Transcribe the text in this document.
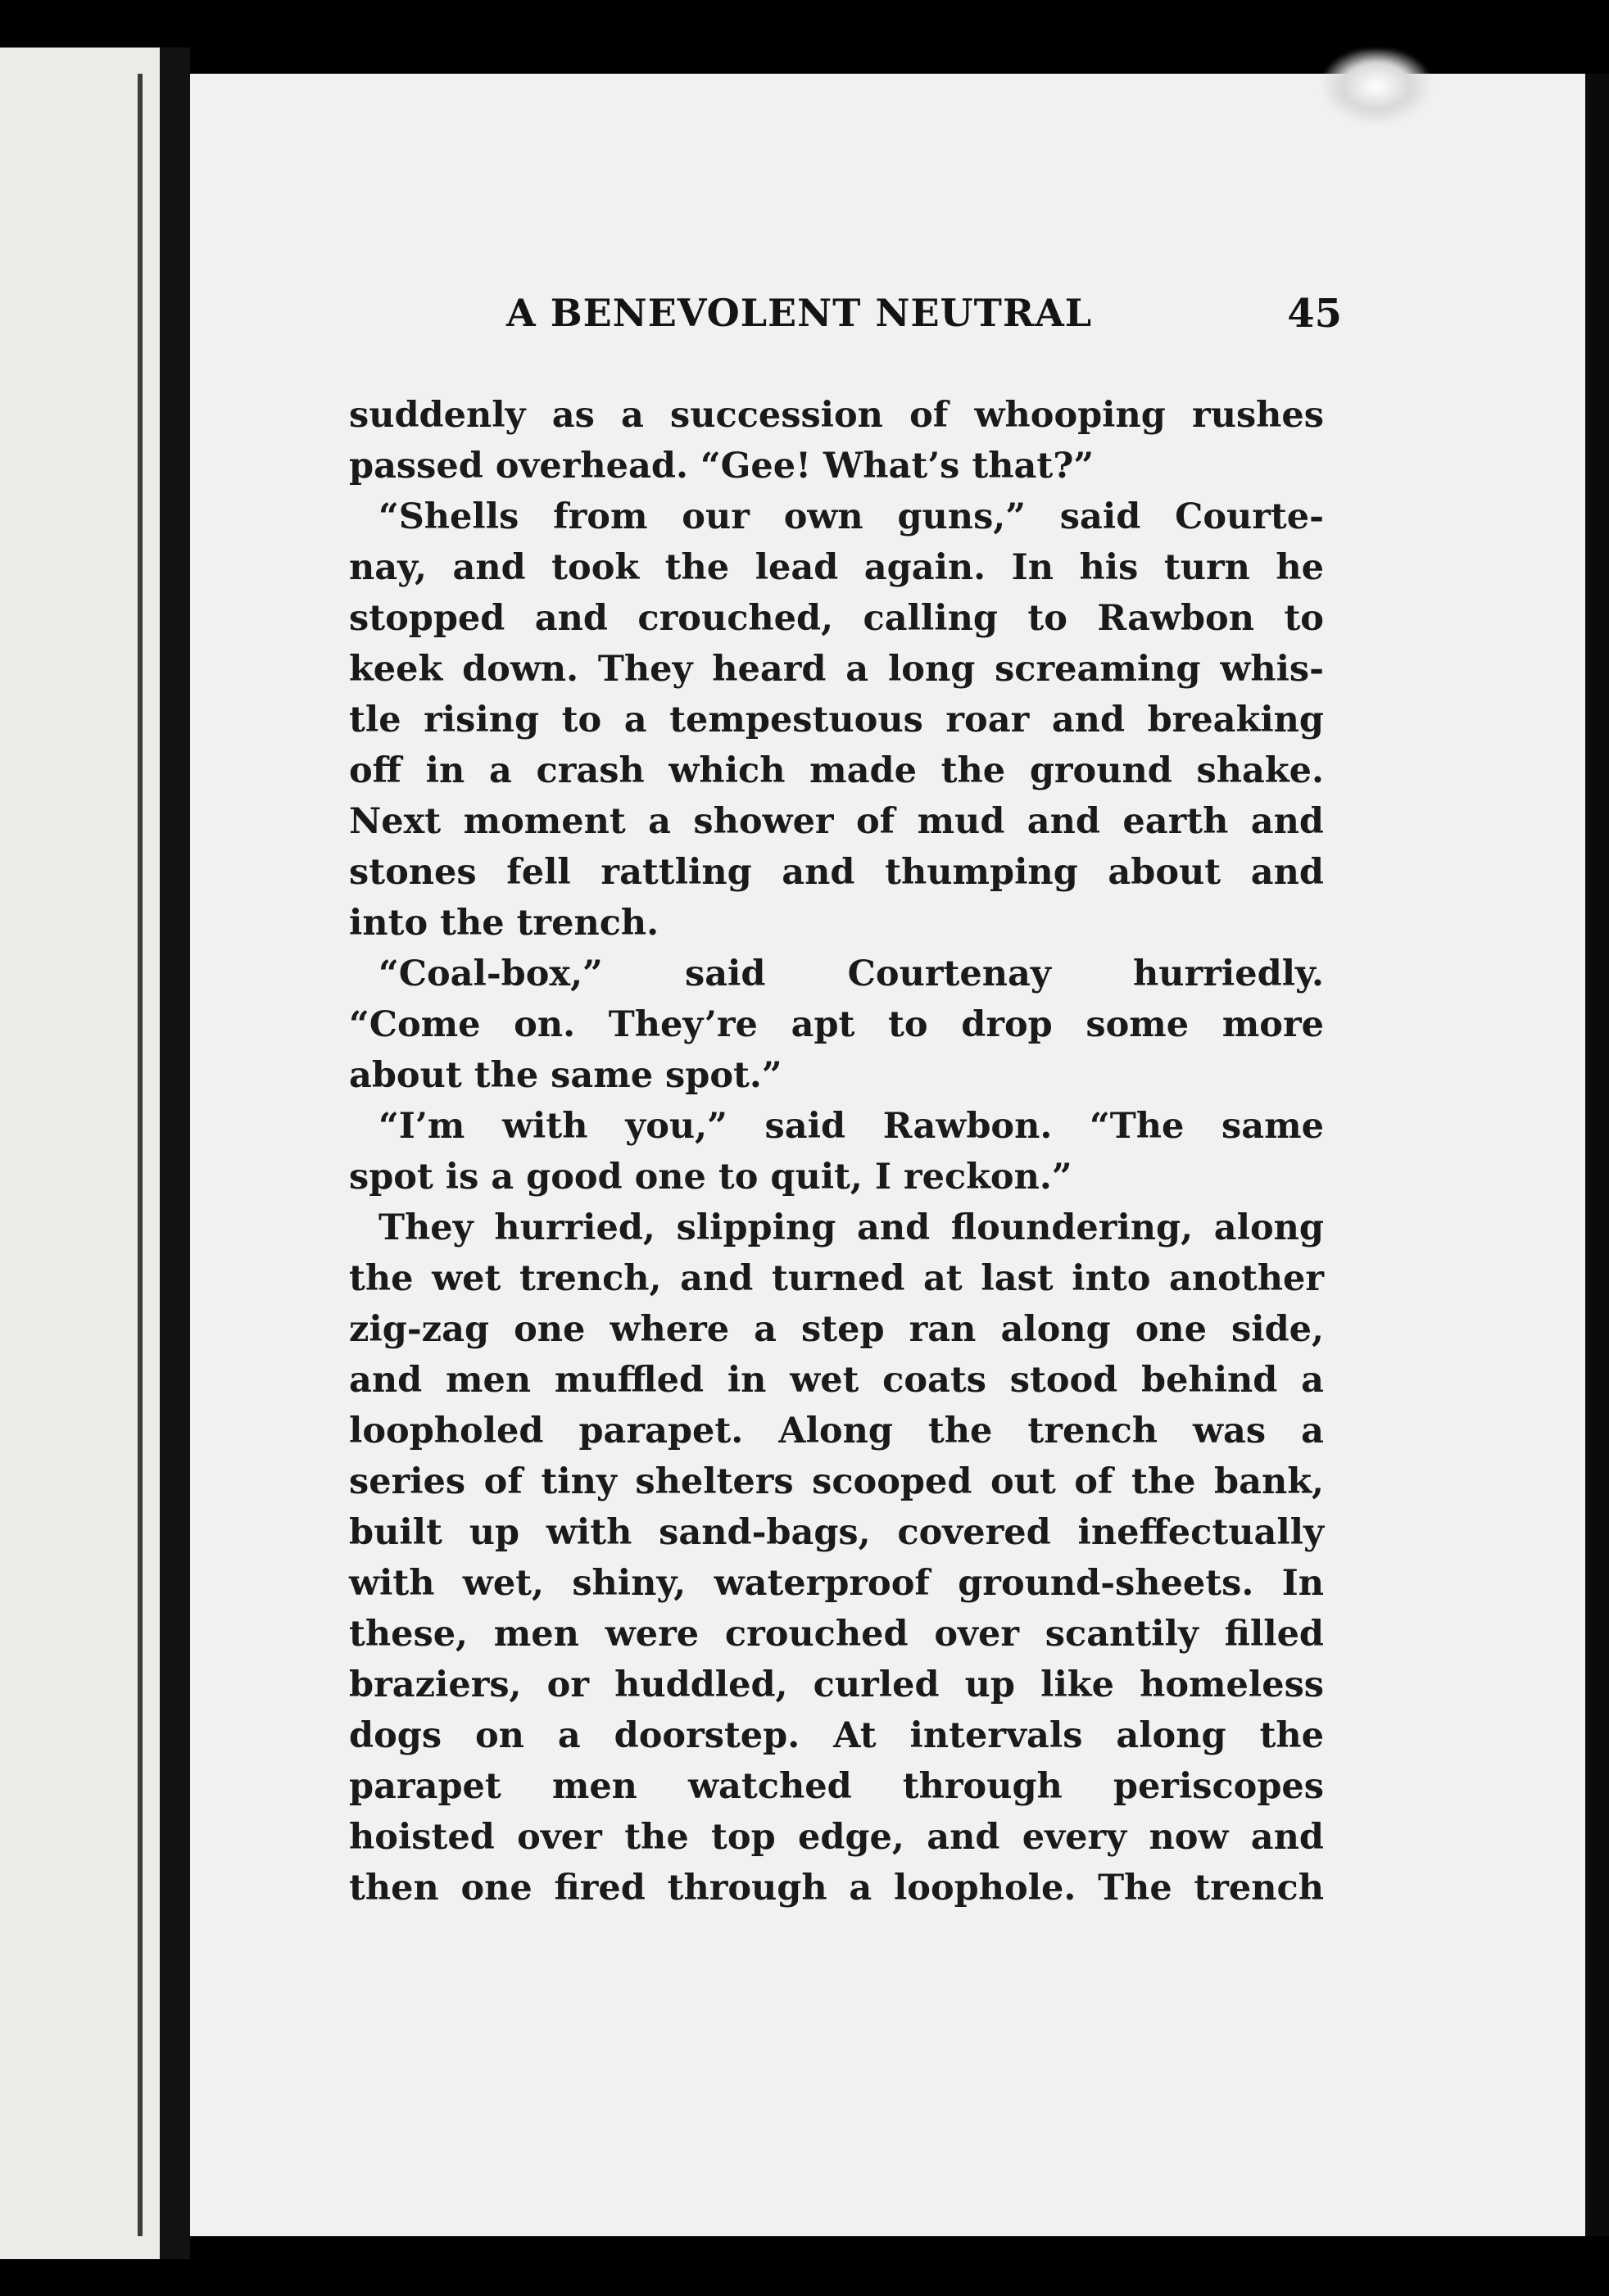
A BENEVOLENT NEUTRAL	45
suddenly as a succession of whooping rushes
passed overhead. “Gee! What’s that?”
“Shells from our own guns,” said Courte-
nay, and took the lead again. In his turn he
stopped and crouched, calling to Rawbon to
keek down. They heard a long screaming whis-
tle rising to a tempestuous roar and breaking
off in a crash which made the ground shake.
Next moment a shower of mud and earth and
stones fell rattling and thumping about and
into the trench.
“Coal-box,” said Courtenay hurriedly.
“Come on. They’re apt to drop some more
about the same spot.”
“I’m with you,” said Rawbon. “The same
spot is a good one to quit, I reckon.”
They hurried, slipping and floundering, along
the wet trench, and turned at last into another
zig-zag one where a step ran along one side,
and men muffled in wet coats stood behind a
loopholed parapet. Along the trench was a
series of tiny shelters scooped out of the bank,
built up with sand-bags, covered ineffectually
with wet, shiny, waterproof ground-sheets. In
these, men were crouched over scantily filled
braziers, or huddled, curled up like homeless
dogs on a doorstep. At intervals along the
parapet men watched through periscopes
hoisted over the top edge, and every now and
then one fired through a loophole. The trench
